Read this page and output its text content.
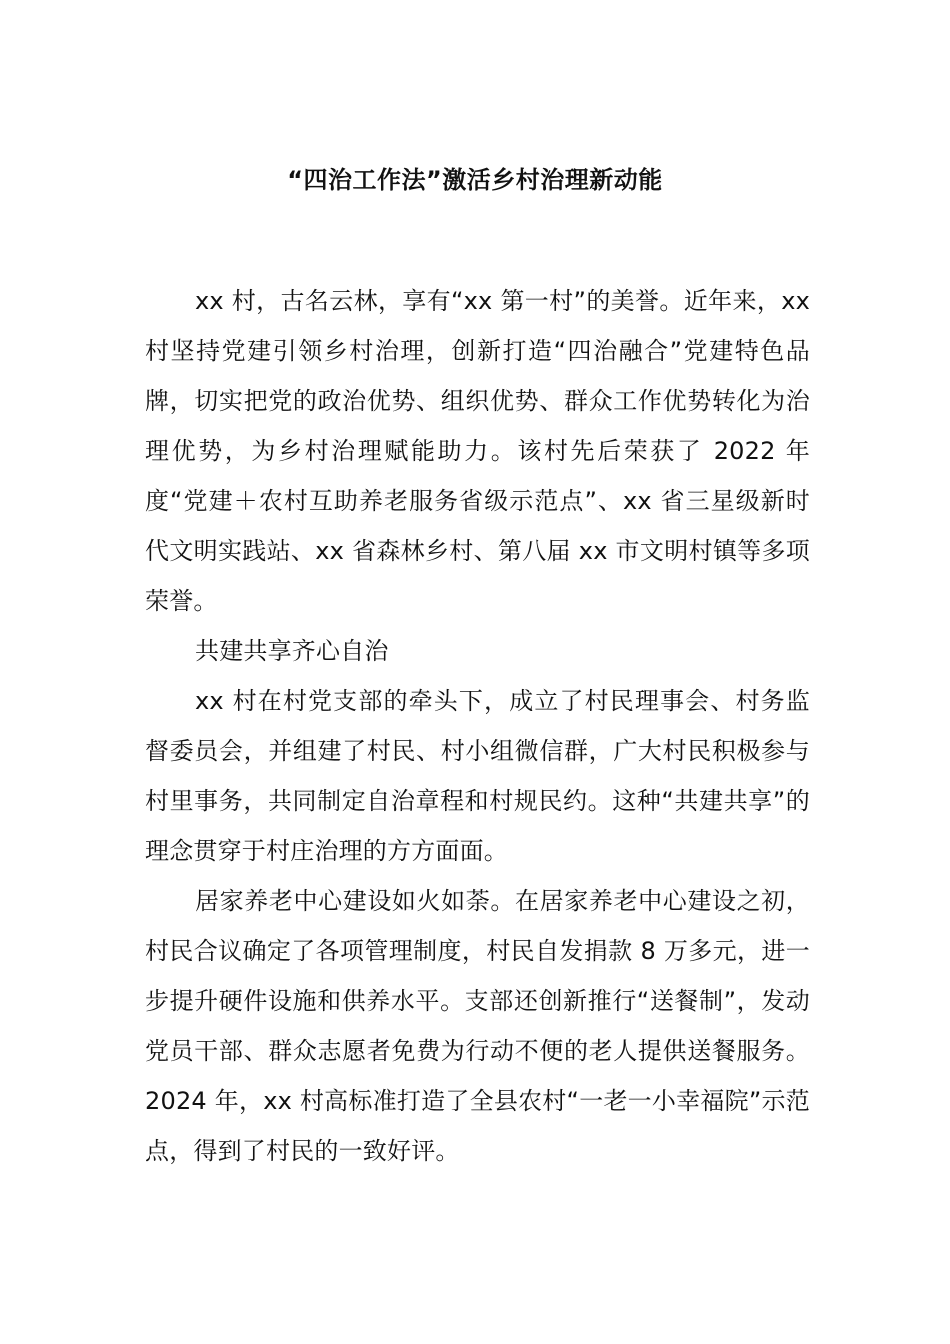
“四治工作法”激活乡村治理新动能

xx 村，古名云林，享有“xx 第一村”的美誉。近年来，xx 村坚持党建引领乡村治理，创新打造“四治融合”党建特色品牌，切实把党的政治优势、组织优势、群众工作优势转化为治理优势，为乡村治理赋能助力。该村先后荣获了 2022 年度“党建＋农村互助养老服务省级示范点”、xx 省三星级新时代文明实践站、xx 省森林乡村、第八届 xx 市文明村镇等多项荣誉。

共建共享齐心自治

xx 村在村党支部的牵头下，成立了村民理事会、村务监督委员会，并组建了村民、村小组微信群，广大村民积极参与村里事务，共同制定自治章程和村规民约。这种“共建共享”的理念贯穿于村庄治理的方方面面。

居家养老中心建设如火如荼。在居家养老中心建设之初，村民合议确定了各项管理制度，村民自发捐款 8 万多元，进一步提升硬件设施和供养水平。支部还创新推行“送餐制”，发动党员干部、群众志愿者免费为行动不便的老人提供送餐服务。2024 年，xx 村高标准打造了全县农村“一老一小幸福院”示范点，得到了村民的一致好评。
